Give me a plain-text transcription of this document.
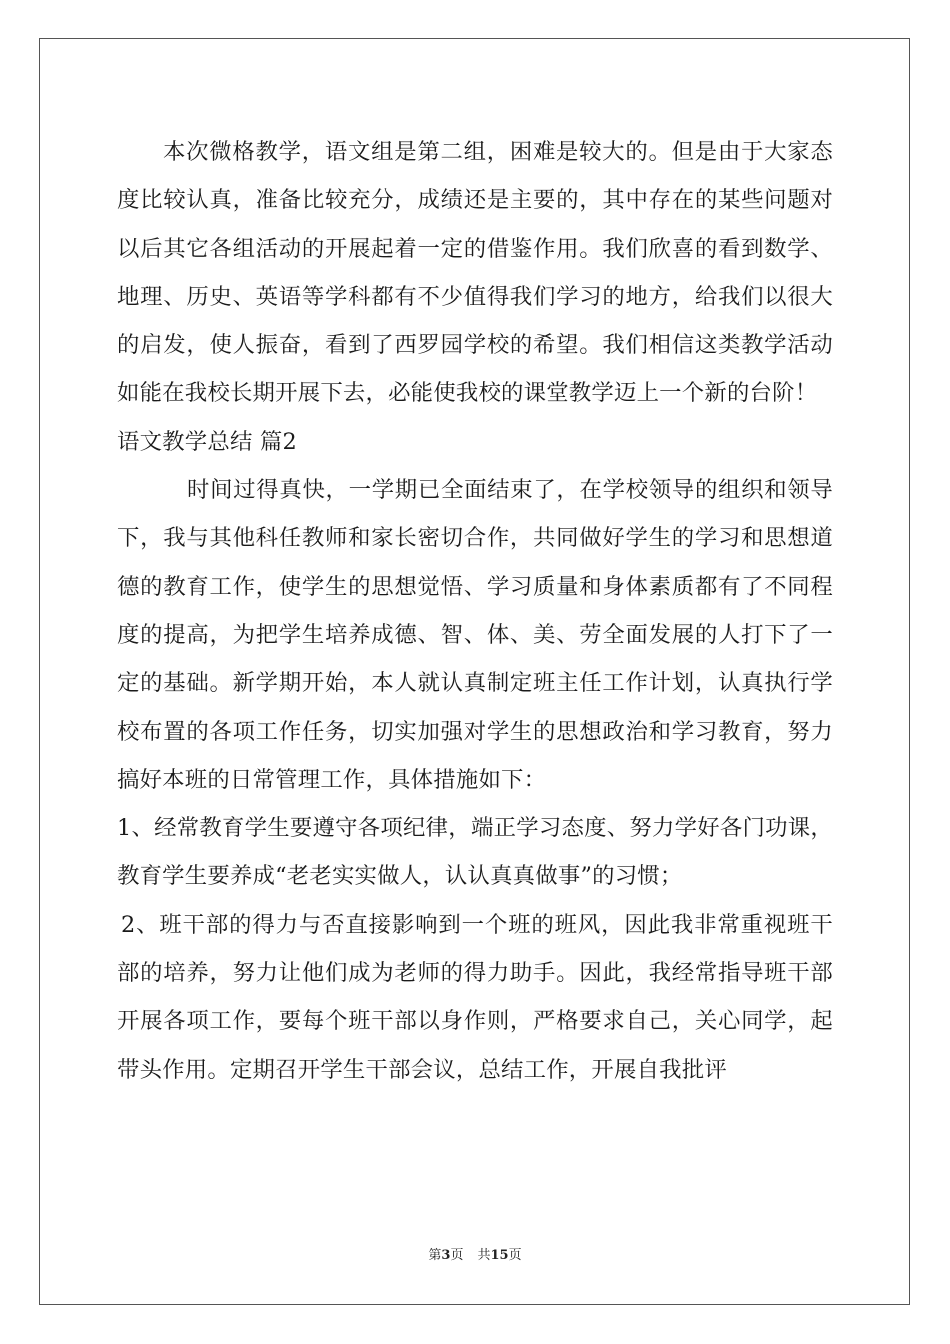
本次微格教学，语文组是第二组，困难是较大的。但是由于大家态度比较认真，准备比较充分，成绩还是主要的，其中存在的某些问题对以后其它各组活动的开展起着一定的借鉴作用。我们欣喜的看到数学、地理、历史、英语等学科都有不少值得我们学习的地方，给我们以很大的启发，使人振奋，看到了西罗园学校的希望。我们相信这类教学活动如能在我校长期开展下去，必能使我校的课堂教学迈上一个新的台阶！

语文教学总结 篇2

时间过得真快，一学期已全面结束了，在学校领导的组织和领导下，我与其他科任教师和家长密切合作，共同做好学生的学习和思想道德的教育工作，使学生的思想觉悟、学习质量和身体素质都有了不同程度的提高，为把学生培养成德、智、体、美、劳全面发展的人打下了一定的基础。新学期开始，本人就认真制定班主任工作计划，认真执行学校布置的各项工作任务，切实加强对学生的思想政治和学习教育，努力搞好本班的日常管理工作，具体措施如下：

1、经常教育学生要遵守各项纪律，端正学习态度、努力学好各门功课，教育学生要养成“老老实实做人，认认真真做事”的习惯；

2、班干部的得力与否直接影响到一个班的班风，因此我非常重视班干部的培养，努力让他们成为老师的得力助手。因此，我经常指导班干部开展各项工作，要每个班干部以身作则，严格要求自己，关心同学，起带头作用。定期召开学生干部会议，总结工作，开展自我批评

第3页 共15页
